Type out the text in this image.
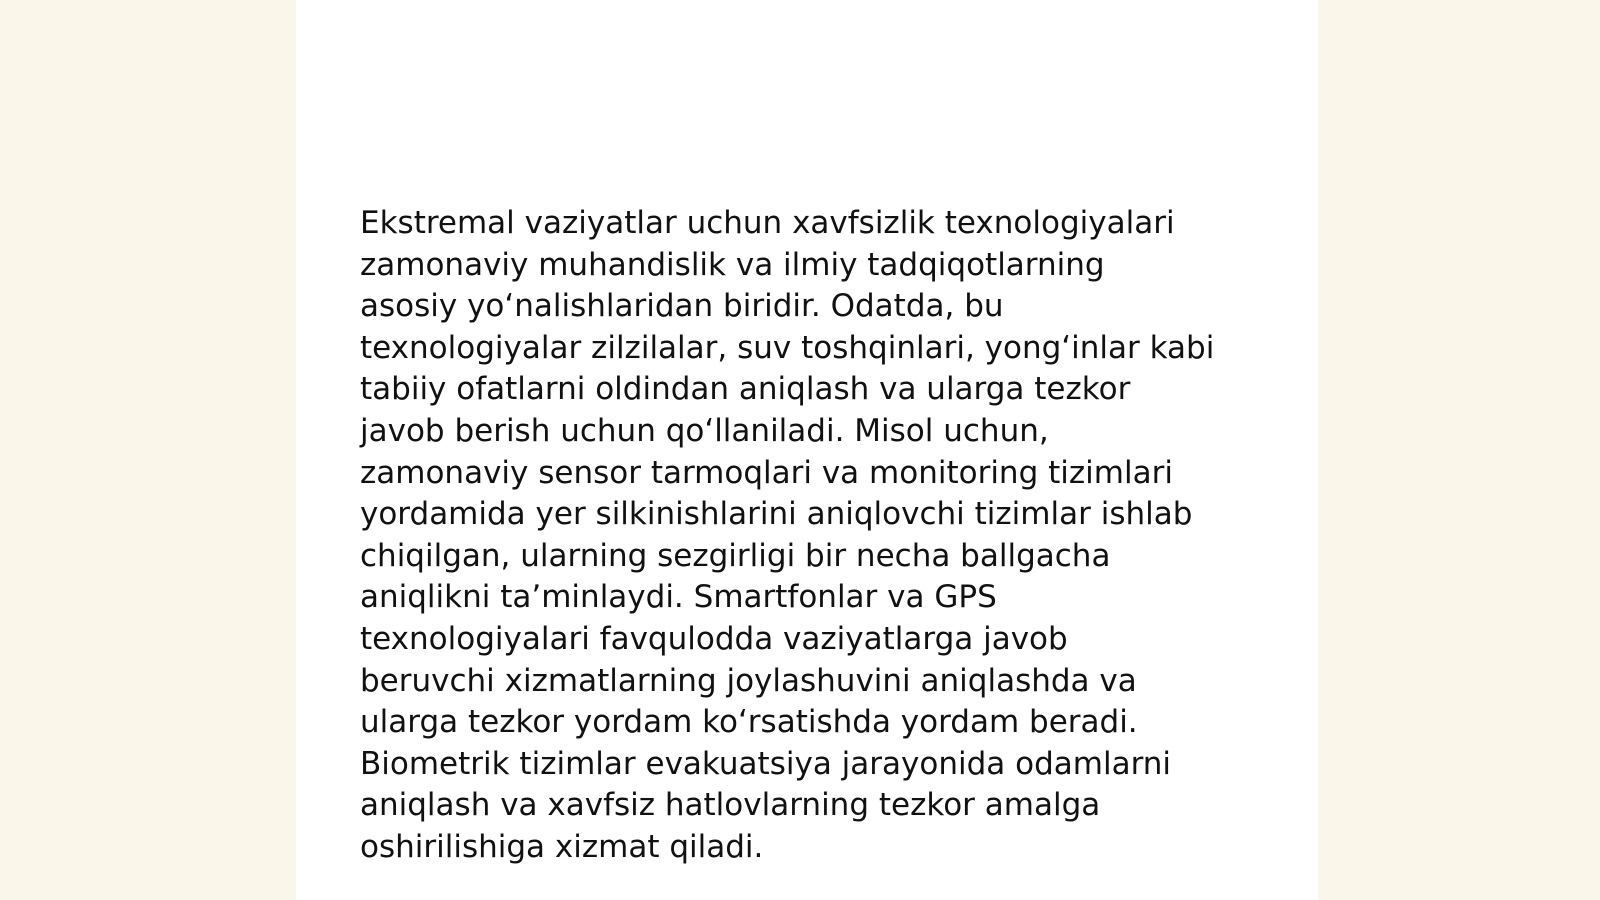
Ekstremal vaziyatlar uchun xavfsizlik texnologiyalari
zamonaviy muhandislik va ilmiy tadqiqotlarning
asosiy yo‘nalishlaridan biridir. Odatda, bu
texnologiyalar zilzilalar, suv toshqinlari, yong‘inlar kabi
tabiiy ofatlarni oldindan aniqlash va ularga tezkor
javob berish uchun qo‘llaniladi. Misol uchun,
zamonaviy sensor tarmoqlari va monitoring tizimlari
yordamida yer silkinishlarini aniqlovchi tizimlar ishlab
chiqilgan, ularning sezgirligi bir necha ballgacha
aniqlikni ta’minlaydi. Smartfonlar va GPS
texnologiyalari favqulodda vaziyatlarga javob
beruvchi xizmatlarning joylashuvini aniqlashda va
ularga tezkor yordam ko‘rsatishda yordam beradi.
Biometrik tizimlar evakuatsiya jarayonida odamlarni
aniqlash va xavfsiz hatlovlarning tezkor amalga
oshirilishiga xizmat qiladi.
